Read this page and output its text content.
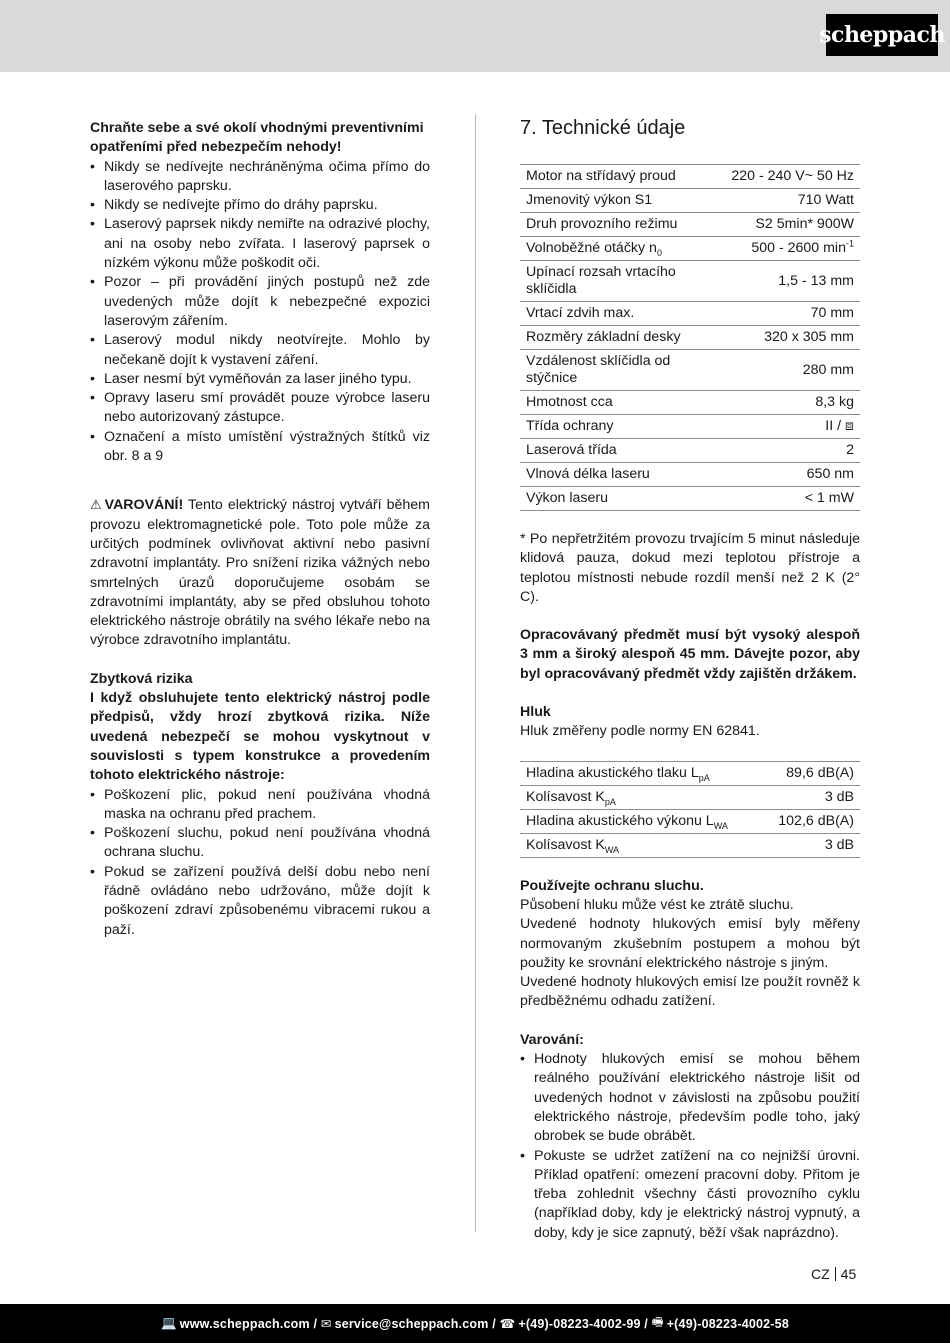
scheppach

Chraňte sebe a své okolí vhodnými preventivními opatřeními před nebezpečím nehody!

• Nikdy se nedívejte nechráněnýma očima přímo do laserového paprsku.
• Nikdy se nedívejte přímo do dráhy paprsku.
• Laserový paprsek nikdy nemiřte na odrazivé plochy, ani na osoby nebo zvířata. I laserový paprsek o nízkém výkonu může poškodit oči.
• Pozor – při provádění jiných postupů než zde uvedených může dojít k nebezpečné expozici laserovým zářením.
• Laserový modul nikdy neotvírejte. Mohlo by nečekaně dojít k vystavení záření.
• Laser nesmí být vyměňován za laser jiného typu.
• Opravy laseru smí provádět pouze výrobce laseru nebo autorizovaný zástupce.
• Označení a místo umístění výstražných štítků viz obr. 8 a 9

⚠ VAROVÁNÍ! Tento elektrický nástroj vytváří během provozu elektromagnetické pole. Toto pole může za určitých podmínek ovlivňovat aktivní nebo pasivní zdravotní implantáty. Pro snížení rizika vážných nebo smrtelných úrazů doporučujeme osobám se zdravotními implantáty, aby se před obsluhou tohoto elektrického nástroje obrátily na svého lékaře nebo na výrobce zdravotního implantátu.

Zbytková rizika

I když obsluhujete tento elektrický nástroj podle předpisů, vždy hrozí zbytková rizika. Níže uvedená nebezpečí se mohou vyskytnout v souvislosti s typem konstrukce a provedením tohoto elektrického nástroje:

• Poškození plic, pokud není používána vhodná maska na ochranu před prachem.
• Poškození sluchu, pokud není používána vhodná ochrana sluchu.
• Pokud se zařízení používá delší dobu nebo není řádně ovládáno nebo udržováno, může dojít k poškození zdraví způsobenému vibracemi rukou a paží.
7. Technické údaje
Motor na střídavý proud	220 - 240 V~ 50 Hz
Jmenovitý výkon S1	710 Watt
Druh provozního režimu	S2 5min* 900W
Volnoběžné otáčky $n_0$	500 - 2600 $\min^{-1}$
Upínací rozsah vrtacího sklíčidla	1,5 - 13 mm
Vrtací zdvih max.	70 mm
Rozměry základní desky	320 x 305 mm
Vzdálenost sklíčidla od stýčnice	280 mm
Hmotnost cca	8,3 kg
Třída ochrany	II / ⧈
Laserová třída	2
Vlnová délka laseru	650 nm
Výkon laseru	< 1 mW

* Po nepřetržitém provozu trvajícím 5 minut následuje klidová pauza, dokud mezi teplotou přístroje a teplotou místnosti nebude rozdíl menší než 2 K (2° C).

Opracovávaný předmět musí být vysoký alespoň 3 mm a široký alespoň 45 mm. Dávejte pozor, aby byl opracovávaný předmět vždy zajištěn držákem.

Hluk

Hluk změřeny podle normy EN 62841.

Hladina akustického tlaku $L_{pA}$	89,6 dB(A)
Kolísavost $K_{pA}$	3 dB
Hladina akustického výkonu $L_{WA}$	102,6 dB(A)
Kolísavost $K_{WA}$	3 dB

Používejte ochranu sluchu.

Působení hluku může vést ke ztrátě sluchu.

Uvedené hodnoty hlukových emisí byly měřeny normovaným zkušebním postupem a mohou být použity ke srovnání elektrického nástroje s jiným.

Uvedené hodnoty hlukových emisí lze použít rovněž k předběžnému odhadu zatížení.

Varování:

• Hodnoty hlukových emisí se mohou během reálného používání elektrického nástroje lišit od uvedených hodnot v závislosti na způsobu použití elektrického nástroje, především podle toho, jaký obrobek se bude obrábět.
• Pokuste se udržet zatížení na co nejnižší úrovni. Příklad opatření: omezení pracovní doby. Přitom je třeba zohlednit všechny části provozního cyklu (například doby, kdy je elektrický nástroj vypnutý, a doby, kdy je sice zapnutý, běží však naprázdno).
CZ 45
💻 www.scheppach.com /
✉ service@scheppach.com /
☎ +(49)-08223-4002-99 /
🖷 +(49)-08223-4002-58
